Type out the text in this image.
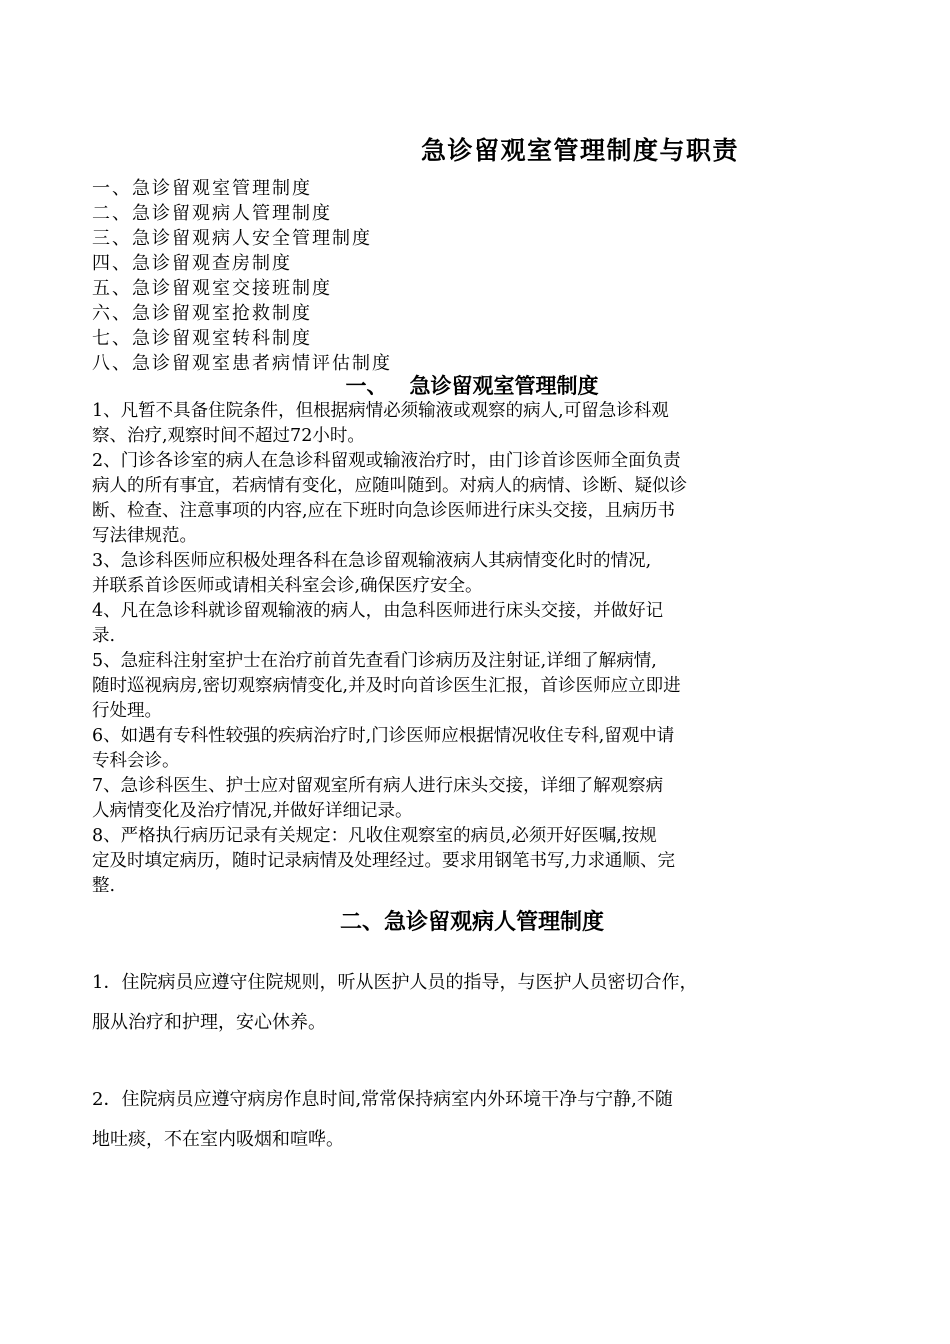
急诊留观室管理制度与职责
一、急诊留观室管理制度
二、急诊留观病人管理制度
三、急诊留观病人安全管理制度
四、急诊留观查房制度
五、急诊留观室交接班制度
六、急诊留观室抢救制度
七、急诊留观室转科制度
八、急诊留观室患者病情评估制度
一、 急诊留观室管理制度
1、凡暂不具备住院条件，但根据病情必须输液或观察的病人,可留急诊科观
察、治疗,观察时间不超过72小时。
2、门诊各诊室的病人在急诊科留观或输液治疗时，由门诊首诊医师全面负责
病人的所有事宜，若病情有变化，应随叫随到。对病人的病情、诊断、疑似诊
断、检查、注意事项的内容,应在下班时向急诊医师进行床头交接，且病历书
写法律规范。
3、急诊科医师应积极处理各科在急诊留观输液病人其病情变化时的情况,
并联系首诊医师或请相关科室会诊,确保医疗安全。
4、凡在急诊科就诊留观输液的病人，由急科医师进行床头交接，并做好记
录.
5、急症科注射室护士在治疗前首先查看门诊病历及注射证,详细了解病情,
随时巡视病房,密切观察病情变化,并及时向首诊医生汇报，首诊医师应立即进
行处理。
6、如遇有专科性较强的疾病治疗时,门诊医师应根据情况收住专科,留观中请
专科会诊。
7、急诊科医生、护士应对留观室所有病人进行床头交接，详细了解观察病
人病情变化及治疗情况,并做好详细记录。
8、严格执行病历记录有关规定：凡收住观察室的病员,必须开好医嘱,按规
定及时填定病历，随时记录病情及处理经过。要求用钢笔书写,力求通顺、完
整.
二、急诊留观病人管理制度
1．住院病员应遵守住院规则，听从医护人员的指导，与医护人员密切合作，
服从治疗和护理，安心休养。
2．住院病员应遵守病房作息时间,常常保持病室内外环境干净与宁静,不随
地吐痰，不在室内吸烟和喧哗。
